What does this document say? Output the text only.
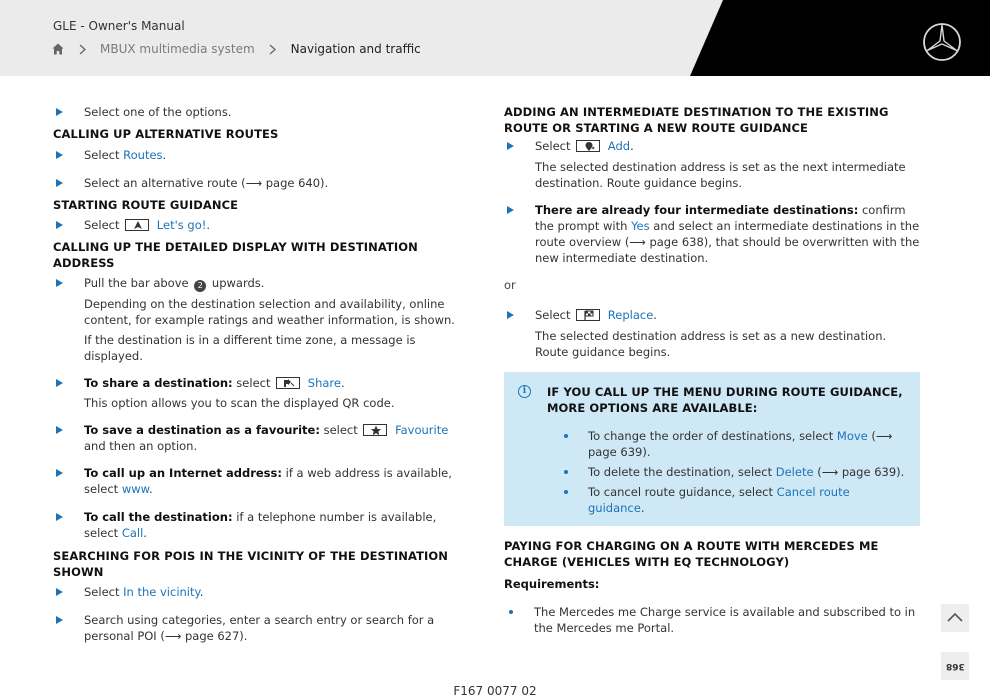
GLE - Owner's Manual
MBUX multimedia system	Navigation and traffic
Select one of the options.
CALLING UP ALTERNATIVE ROUTES
Select Routes.
Select an alternative route (⟶ page 640).
STARTING ROUTE GUIDANCE
Select	Let's go!.
CALLING UP THE DETAILED DISPLAY WITH DESTINATION ADDRESS
Pull the bar above 2 upwards.
Depending on the destination selection and availability, online content, for example ratings and weather information, is shown.
If the destination is in a different time zone, a message is displayed.
To share a destination: select	Share.
This option allows you to scan the displayed QR code.
To save a destination as a favourite: select	Favourite and then an option.
To call up an Internet address: if a web address is available, select www.
To call the destination: if a telephone number is available, select Call.
SEARCHING FOR POIS IN THE VICINITY OF THE DESTINATION SHOWN
Select In the vicinity.
Search using categories, enter a search entry or search for a personal POI (⟶ page 627).
ADDING AN INTERMEDIATE DESTINATION TO THE EXISTING ROUTE OR STARTING A NEW ROUTE GUIDANCE
Select	Add.
The selected destination address is set as the next intermediate destination. Route guidance begins.
There are already four intermediate destinations: confirm the prompt with Yes and select an intermediate destinations in the route overview (⟶ page 638), that should be overwritten with the new intermediate destination.
or
Select	Replace.
The selected destination address is set as a new destination. Route guidance begins.
i	IF YOU CALL UP THE MENU DURING ROUTE GUIDANCE, MORE OPTIONS ARE AVAILABLE:
To change the order of destinations, select Move (⟶ page 639).
To delete the destination, select Delete (⟶ page 639).
To cancel route guidance, select Cancel route guidance.
PAYING FOR CHARGING ON A ROUTE WITH MERCEDES ME CHARGE (VEHICLES WITH EQ TECHNOLOGY)
Requirements:
The Mercedes me Charge service is available and subscribed to in the Mercedes me Portal.
368
F167 0077 02
